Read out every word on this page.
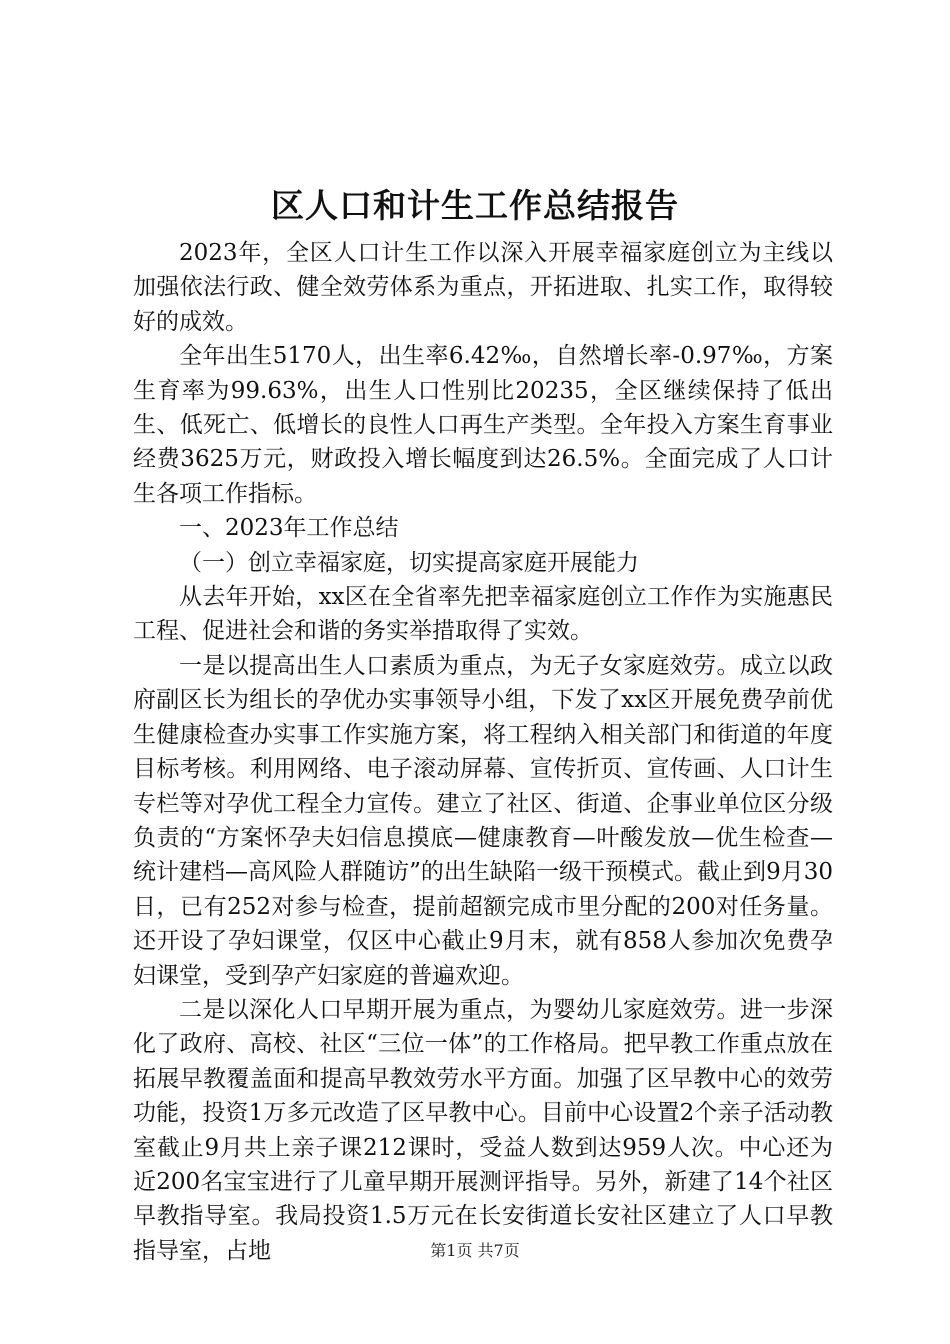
区人口和计生工作总结报告

2023年，全区人口计生工作以深入开展幸福家庭创立为主线以加强依法行政、健全效劳体系为重点，开拓进取、扎实工作，取得较好的成效。

全年出生5170人，出生率6.42‰，自然增长率-0.97‰，方案生育率为99.63%，出生人口性别比20235，全区继续保持了低出生、低死亡、低增长的良性人口再生产类型。全年投入方案生育事业经费3625万元，财政投入增长幅度到达26.5%。全面完成了人口计生各项工作指标。

一、2023年工作总结

（一）创立幸福家庭，切实提高家庭开展能力

从去年开始，xx区在全省率先把幸福家庭创立工作作为实施惠民工程、促进社会和谐的务实举措取得了实效。

一是以提高出生人口素质为重点，为无子女家庭效劳。成立以政府副区长为组长的孕优办实事领导小组，下发了xx区开展免费孕前优生健康检查办实事工作实施方案，将工程纳入相关部门和街道的年度目标考核。利用网络、电子滚动屏幕、宣传折页、宣传画、人口计生专栏等对孕优工程全力宣传。建立了社区、街道、企事业单位区分级负责的“方案怀孕夫妇信息摸底—健康教育—叶酸发放—优生检查—统计建档—高风险人群随访”的出生缺陷一级干预模式。截止到9月30日，已有252对参与检查，提前超额完成市里分配的200对任务量。还开设了孕妇课堂，仅区中心截止9月末，就有858人参加次免费孕妇课堂，受到孕产妇家庭的普遍欢迎。

二是以深化人口早期开展为重点，为婴幼儿家庭效劳。进一步深化了政府、高校、社区“三位一体”的工作格局。把早教工作重点放在拓展早教覆盖面和提高早教效劳水平方面。加强了区早教中心的效劳功能，投资1万多元改造了区早教中心。目前中心设置2个亲子活动教室截止9月共上亲子课212课时，受益人数到达959人次。中心还为近200名宝宝进行了儿童早期开展测评指导。另外，新建了14个社区早教指导室。我局投资1.5万元在长安街道长安社区建立了人口早教指导室，占地	第1页 共7页
